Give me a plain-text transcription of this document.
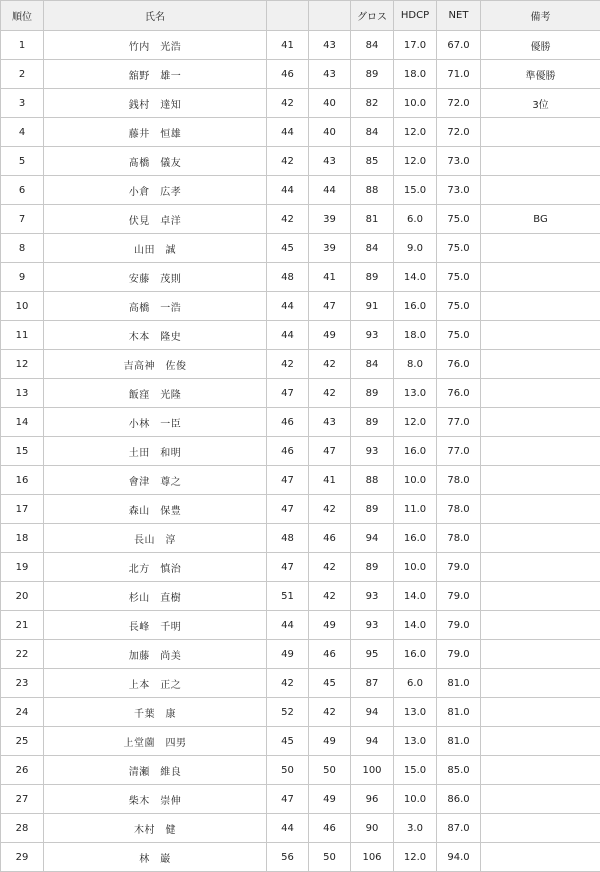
順位	氏名			グロス	HDCP	NET	備考
1	竹内　光浩	41	43	84	17.0	67.0	優勝
2	舘野　雄一	46	43	89	18.0	71.0	準優勝
3	銭村　達知	42	40	82	10.0	72.0	3位
4	藤井　恒雄	44	40	84	12.0	72.0	
5	髙橋　儀友	42	43	85	12.0	73.0	
6	小倉　広孝	44	44	88	15.0	73.0	
7	伏見　卓洋	42	39	81	6.0	75.0	BG
8	山田　誠	45	39	84	9.0	75.0	
9	安藤　茂則	48	41	89	14.0	75.0	
10	高橋　一浩	44	47	91	16.0	75.0	
11	木本　隆史	44	49	93	18.0	75.0	
12	吉高神　佐俊	42	42	84	8.0	76.0	
13	飯窪　光隆	47	42	89	13.0	76.0	
14	小林　一臣	46	43	89	12.0	77.0	
15	土田　和明	46	47	93	16.0	77.0	
16	會津　尊之	47	41	88	10.0	78.0	
17	森山　保豊	47	42	89	11.0	78.0	
18	長山　淳	48	46	94	16.0	78.0	
19	北方　慎治	47	42	89	10.0	79.0	
20	杉山　直樹	51	42	93	14.0	79.0	
21	長峰　千明	44	49	93	14.0	79.0	
22	加藤　尚美	49	46	95	16.0	79.0	
23	上本　正之	42	45	87	6.0	81.0	
24	千葉　康	52	42	94	13.0	81.0	
25	上堂薗　四男	45	49	94	13.0	81.0	
26	清瀬　維良	50	50	100	15.0	85.0	
27	柴木　崇伸	47	49	96	10.0	86.0	
28	木村　健	44	46	90	3.0	87.0	
29	林　巌	56	50	106	12.0	94.0	
